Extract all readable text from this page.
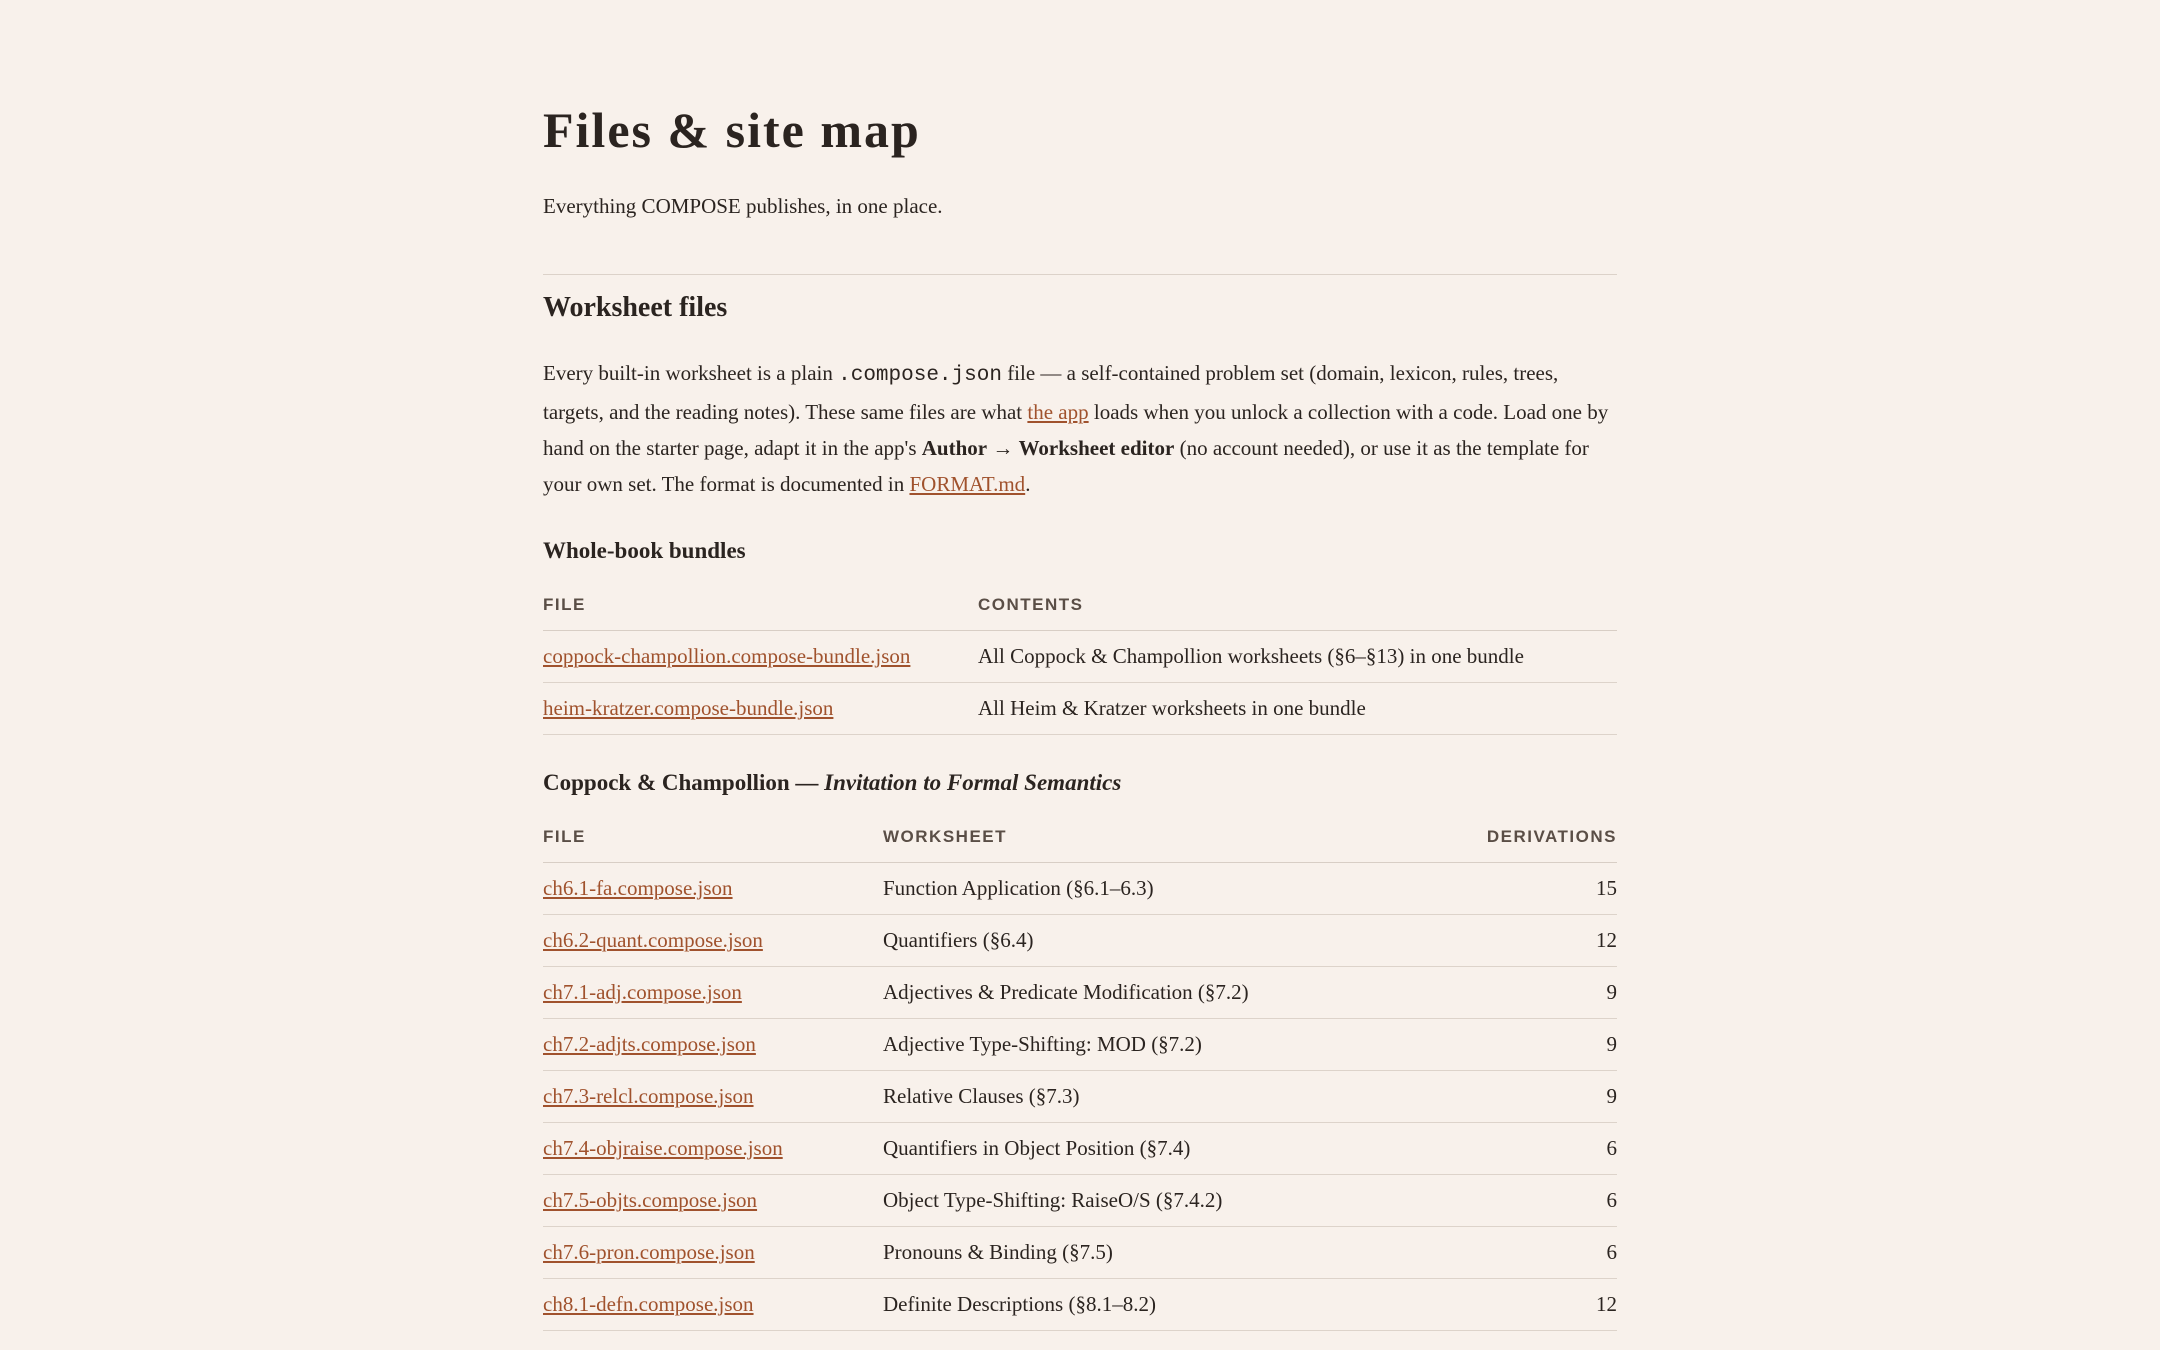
Files & site map

Everything COMPOSE publishes, in one place.

Worksheet files

Every built-in worksheet is a plain .compose.json file — a self-contained problem set (domain, lexicon, rules, trees, targets, and the reading notes). These same files are what the app loads when you unlock a collection with a code. Load one by hand on the starter page, adapt it in the app's Author → Worksheet editor (no account needed), or use it as the template for your own set. The format is documented in FORMAT.md.

Whole-book bundles
FILE	CONTENTS
coppock-champollion.compose-bundle.json	All Coppock & Champollion worksheets (§6–§13) in one bundle
heim-kratzer.compose-bundle.json	All Heim & Kratzer worksheets in one bundle
Coppock & Champollion — Invitation to Formal Semantics
FILE	WORKSHEET	DERIVATIONS
ch6.1-fa.compose.json	Function Application (§6.1–6.3)	15
ch6.2-quant.compose.json	Quantifiers (§6.4)	12
ch7.1-adj.compose.json	Adjectives & Predicate Modification (§7.2)	9
ch7.2-adjts.compose.json	Adjective Type-Shifting: MOD (§7.2)	9
ch7.3-relcl.compose.json	Relative Clauses (§7.3)	9
ch7.4-objraise.compose.json	Quantifiers in Object Position (§7.4)	6
ch7.5-objts.compose.json	Object Type-Shifting: RaiseO/S (§7.4.2)	6
ch7.6-pron.compose.json	Pronouns & Binding (§7.5)	6
ch8.1-defn.compose.json	Definite Descriptions (§8.1–8.2)	12
